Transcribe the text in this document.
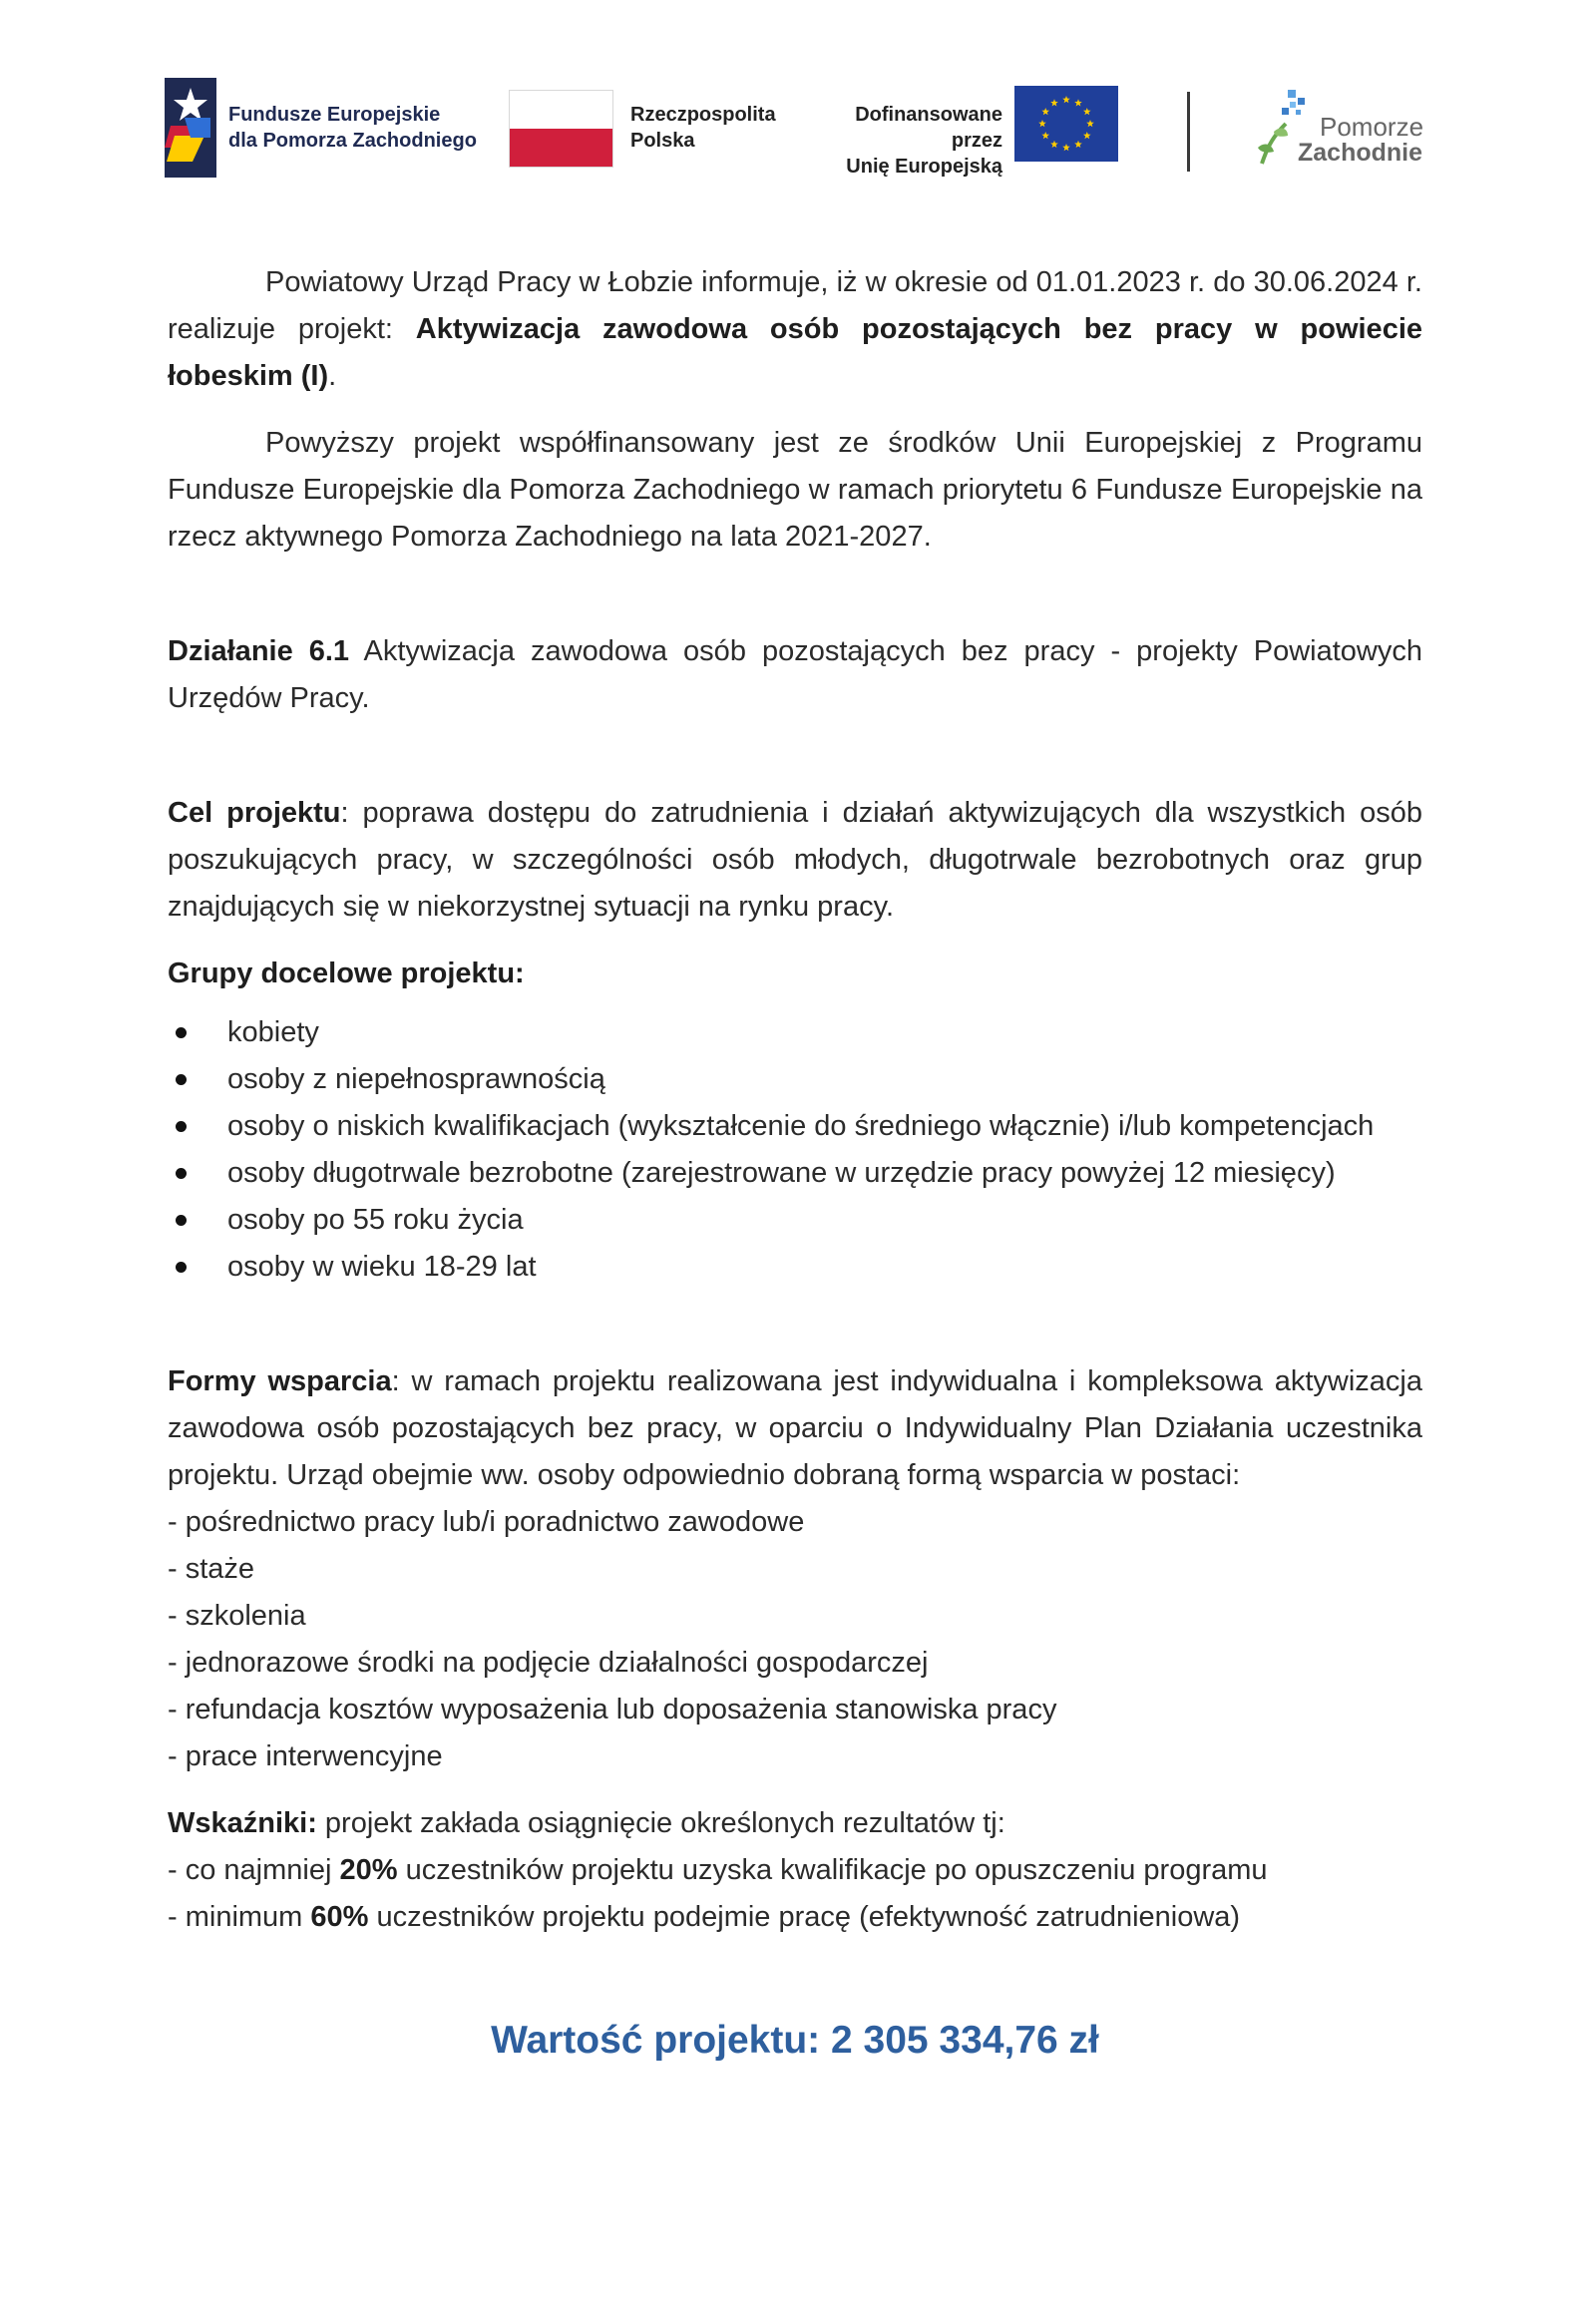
Fundusze Europejskie
dla Pomorza Zachodniego
Rzeczpospolita
Polska
Dofinansowane przez
Unię Europejską
Pomorze
Zachodnie

Powiatowy Urząd Pracy w Łobzie informuje, iż w okresie od 01.01.2023 r. do 30.06.2024 r. realizuje projekt: Aktywizacja zawodowa osób pozostających bez pracy w powiecie łobeskim (I).

Powyższy projekt współfinansowany jest ze środków Unii Europejskiej z Programu Fundusze Europejskie dla Pomorza Zachodniego w ramach priorytetu 6 Fundusze Europejskie na rzecz aktywnego Pomorza Zachodniego na lata 2021-2027.

Działanie 6.1 Aktywizacja zawodowa osób pozostających bez pracy - projekty Powiatowych Urzędów Pracy.

Cel projektu: poprawa dostępu do zatrudnienia i działań aktywizujących dla wszystkich osób poszukujących pracy, w szczególności osób młodych, długotrwale bezrobotnych oraz grup znajdujących się w niekorzystnej sytuacji na rynku pracy.

Grupy docelowe projektu:

kobiety
osoby z niepełnosprawnością
osoby o niskich kwalifikacjach (wykształcenie do średniego włącznie) i/lub kompetencjach
osoby długotrwale bezrobotne (zarejestrowane w urzędzie pracy powyżej 12 miesięcy)
osoby po 55 roku życia
osoby w wieku 18-29 lat

Formy wsparcia: w ramach projektu realizowana jest indywidualna i kompleksowa aktywizacja zawodowa osób pozostających bez pracy, w oparciu o Indywidualny Plan Działania uczestnika projektu. Urząd obejmie ww. osoby odpowiednio dobraną formą wsparcia w postaci:

- pośrednictwo pracy lub/i poradnictwo zawodowe
- staże
- szkolenia
- jednorazowe środki na podjęcie działalności gospodarczej
- refundacja kosztów wyposażenia lub doposażenia stanowiska pracy
- prace interwencyjne

Wskaźniki: projekt zakłada osiągnięcie określonych rezultatów tj:

- co najmniej 20% uczestników projektu uzyska kwalifikacje po opuszczeniu programu

- minimum 60% uczestników projektu podejmie pracę (efektywność zatrudnieniowa)

Wartość projektu: 2 305 334,76 zł
